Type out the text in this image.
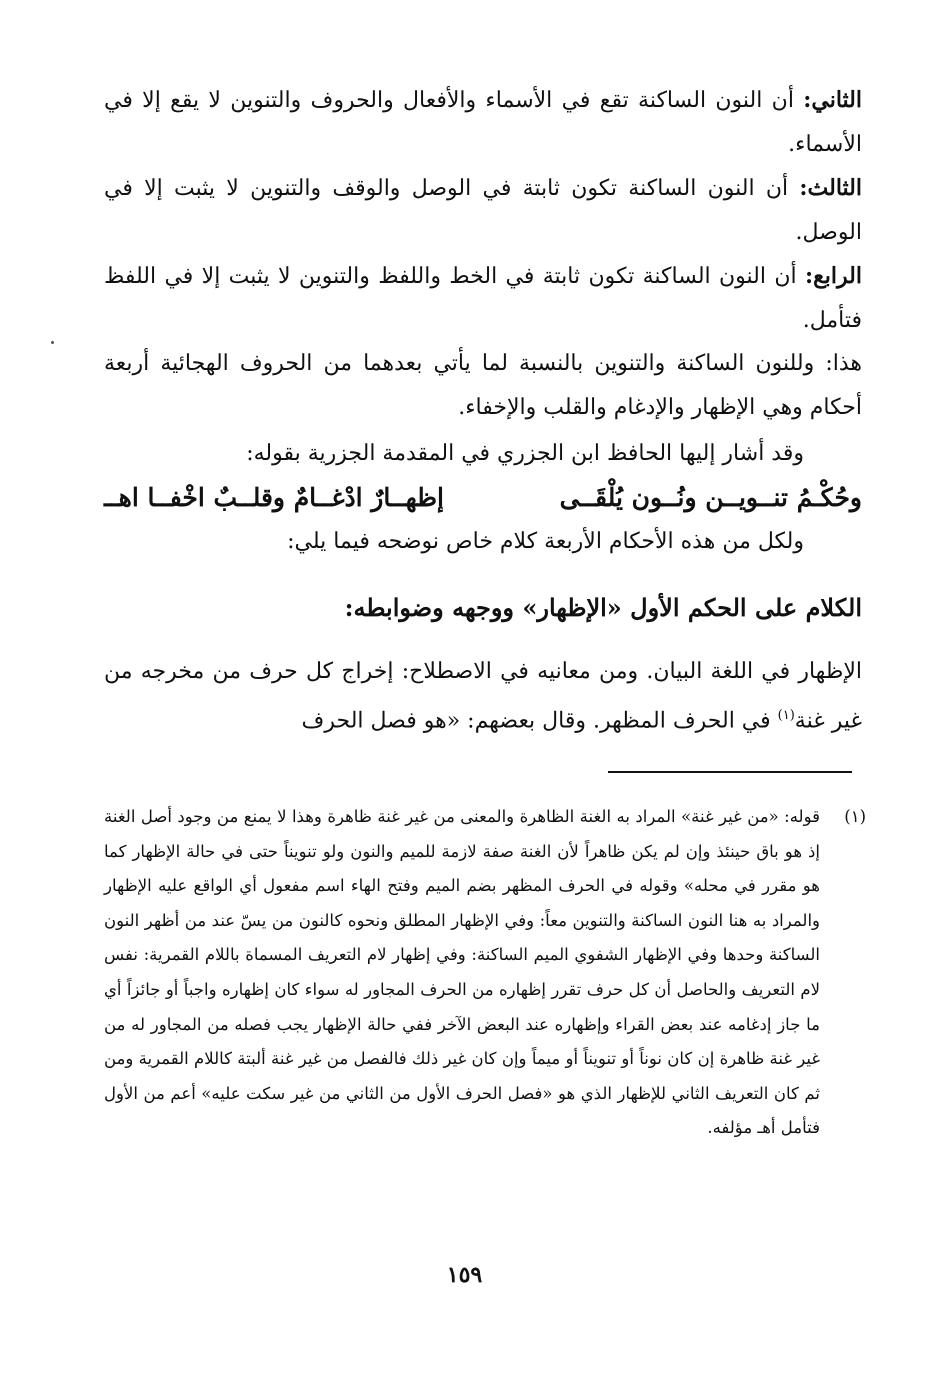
الثاني: أن النون الساكنة تقع في الأسماء والأفعال والحروف والتنوين لا يقع إلا في الأسماء.
الثالث: أن النون الساكنة تكون ثابتة في الوصل والوقف والتنوين لا يثبت إلا في الوصل.
الرابع: أن النون الساكنة تكون ثابتة في الخط واللفظ والتنوين لا يثبت إلا في اللفظ فتأمل.
هذا: وللنون الساكنة والتنوين بالنسبة لما يأتي بعدهما من الحروف الهجائية أربعة أحكام وهي الإظهار والإدغام والقلب والإخفاء.
وقد أشار إليها الحافظ ابن الجزري في المقدمة الجزرية بقوله:
وحُكْـمُ تنــويــن ونُــون يُلْقَــى
إظهــارٌ ادْغــامٌ وقلــبٌ اخْفــا اهــ
ولكل من هذه الأحكام الأربعة كلام خاص نوضحه فيما يلي:
الكلام على الحكم الأول «الإظهار» ووجهه وضوابطه:
الإظهار في اللغة البيان. ومن معانيه في الاصطلاح: إخراج كل حرف من مخرجه من غير غنة$^{(١)}$ في الحرف المظهر. وقال بعضهم: «هو فصل الحرف
(١)
قوله: «من غير غنة» المراد به الغنة الظاهرة والمعنى من غير غنة ظاهرة وهذا لا يمنع من وجود أصل الغنة إذ هو باق حينئذ وإن لم يكن ظاهراً لأن الغنة صفة لازمة للميم والنون ولو تنويناً حتى في حالة الإظهار كما هو مقرر في محله» وقوله في الحرف المظهر بضم الميم وفتح الهاء اسم مفعول أي الواقع عليه الإظهار والمراد به هنا النون الساكنة والتنوين معاً: وفي الإظهار المطلق ونحوه كالنون من يسّ عند من أظهر النون الساكنة وحدها وفي الإظهار الشفوي الميم الساكنة: وفي إظهار لام التعريف المسماة باللام القمرية: نفس لام التعريف والحاصل أن كل حرف تقرر إظهاره من الحرف المجاور له سواء كان إظهاره واجباً أو جائزاً أي ما جاز إدغامه عند بعض القراء وإظهاره عند البعض الآخر ففي حالة الإظهار يجب فصله من المجاور له من غير غنة ظاهرة إن كان نوناً أو تنويناً أو ميماً وإن كان غير ذلك فالفصل من غير غنة ألبتة كاللام القمرية ومن ثم كان التعريف الثاني للإظهار الذي هو «فصل الحرف الأول من الثاني من غير سكت عليه» أعم من الأول فتأمل أهـ مؤلفه.
١٥٩
